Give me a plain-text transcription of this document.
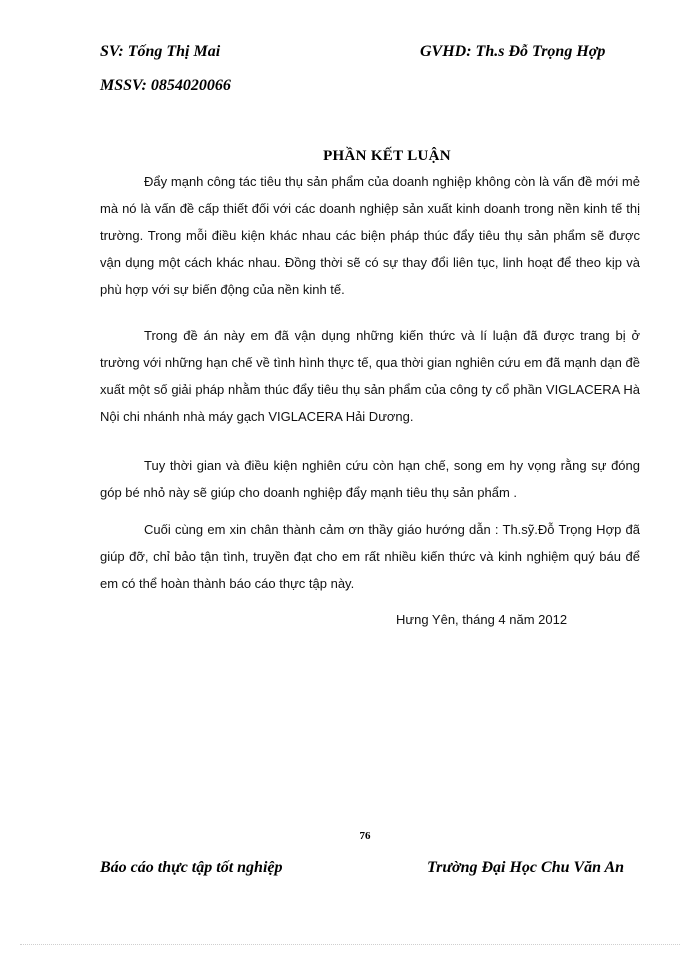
SV: Tống Thị Mai	GVHD: Th.s Đỗ Trọng Hợp
MSSV: 0854020066
PHẦN KẾT LUẬN

Đẩy mạnh công tác tiêu thụ sản phẩm của doanh nghiệp không còn là vấn đề mới mẻ mà nó là vấn đề cấp thiết đối với các doanh nghiệp sản xuất kinh doanh trong nền kinh tế thị trường. Trong mỗi điều kiện khác nhau các biện pháp thúc đẩy tiêu thụ sản phẩm sẽ được vận dụng một cách khác nhau. Đồng thời sẽ có sự thay đổi liên tục, linh hoạt để theo kịp và phù hợp với sự biến động của nền kinh tế.

Trong đề án này em đã vận dụng những kiến thức và lí luận đã được trang bị ở trường với những hạn chế về tình hình thực tế, qua thời gian nghiên cứu em đã mạnh dạn đề xuất một số giải pháp nhằm thúc đẩy tiêu thụ sản phẩm của công ty cổ phần VIGLACERA Hà Nội chi nhánh nhà máy gạch VIGLACERA Hải Dương.

Tuy thời gian và điều kiện nghiên cứu còn hạn chế, song em hy vọng rằng sự đóng góp bé nhỏ này sẽ giúp cho doanh nghiệp đẩy mạnh tiêu thụ sản phẩm .

Cuối cùng em xin chân thành cảm ơn thầy giáo hướng dẫn : Th.sỹ.Đỗ Trọng Hợp đã giúp đỡ, chỉ bảo tận tình, truyền đạt cho em rất nhiều kiến thức và kinh nghiệm quý báu để em có thể hoàn thành báo cáo thực tập này.

Hưng Yên, tháng 4 năm 2012
76
Báo cáo thực tập tốt nghiệp	Trường Đại Học Chu Văn An
